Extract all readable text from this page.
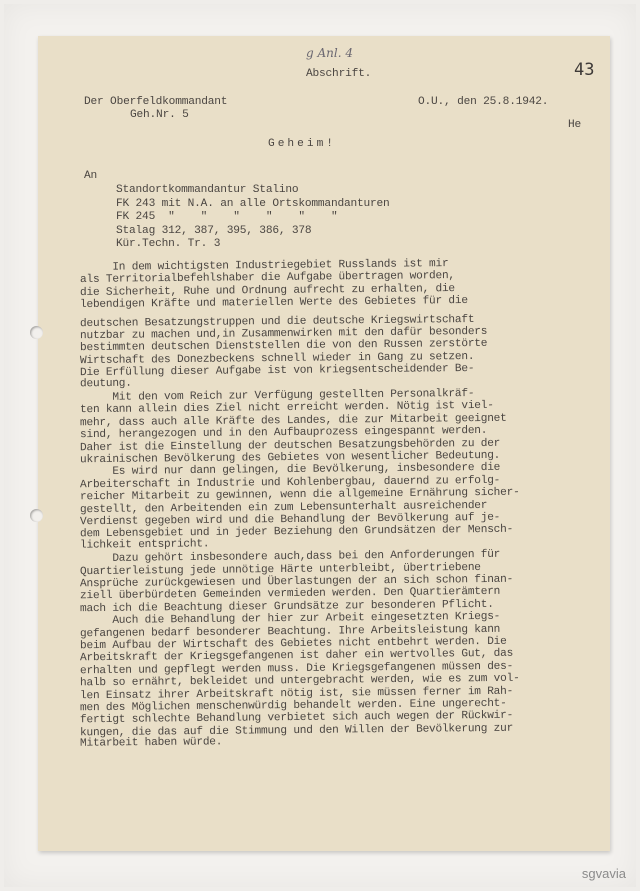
g Anl. 4
43
Abschrift.
Der Oberfeldkommandant
Geh.Nr. 5
O.U., den 25.8.1942.
He
Geheim!
An
Standortkommandantur Stalino
FK 243 mit N.A. an alle Ortskommandanturen
FK 245  "    "    "    "    "    "
Stalag 312, 387, 395, 386, 378
Kür.Techn. Tr. 3
In dem wichtigsten Industriegebiet Russlands ist mir
als Territorialbefehlshaber die Aufgabe übertragen worden,
die Sicherheit, Ruhe und Ordnung aufrecht zu erhalten, die
lebendigen Kräfte und materiellen Werte des Gebietes für die
deutschen Besatzungstruppen und die deutsche Kriegswirtschaft
nutzbar zu machen und,in Zusammenwirken mit den dafür besonders
bestimmten deutschen Dienststellen die von den Russen zerstörte
Wirtschaft des Donezbeckens schnell wieder in Gang zu setzen.
Die Erfüllung dieser Aufgabe ist von kriegsentscheidender Be-
deutung.
Mit den vom Reich zur Verfügung gestellten Personalkräf-
ten kann allein dies Ziel nicht erreicht werden. Nötig ist viel-
mehr, dass auch alle Kräfte des Landes, die zur Mitarbeit geeignet
sind, herangezogen und in den Aufbauprozess eingespannt werden.
Daher ist die Einstellung der deutschen Besatzungsbehörden zu der
ukrainischen Bevölkerung des Gebietes von wesentlicher Bedeutung.
Es wird nur dann gelingen, die Bevölkerung, insbesondere die
Arbeiterschaft in Industrie und Kohlenbergbau, dauernd zu erfolg-
reicher Mitarbeit zu gewinnen, wenn die allgemeine Ernährung sicher-
gestellt, den Arbeitenden ein zum Lebensunterhalt ausreichender
Verdienst gegeben wird und die Behandlung der Bevölkerung auf je-
dem Lebensgebiet und in jeder Beziehung den Grundsätzen der Mensch-
lichkeit entspricht.
Dazu gehört insbesondere auch,dass bei den Anforderungen für
Quartierleistung jede unnötige Härte unterbleibt, übertriebene
Ansprüche zurückgewiesen und Überlastungen der an sich schon finan-
ziell überbürdeten Gemeinden vermieden werden. Den Quartierämtern
mach ich die Beachtung dieser Grundsätze zur besonderen Pflicht.
Auch die Behandlung der hier zur Arbeit eingesetzten Kriegs-
gefangenen bedarf besonderer Beachtung. Ihre Arbeitsleistung kann
beim Aufbau der Wirtschaft des Gebietes nicht entbehrt werden. Die
Arbeitskraft der Kriegsgefangenen ist daher ein wertvolles Gut, das
erhalten und gepflegt werden muss. Die Kriegsgefangenen müssen des-
halb so ernährt, bekleidet und untergebracht werden, wie es zum vol-
len Einsatz ihrer Arbeitskraft nötig ist, sie müssen ferner im Rah-
men des Möglichen menschenwürdig behandelt werden. Eine ungerecht-
fertigt schlechte Behandlung verbietet sich auch wegen der Rückwir-
kungen, die das auf die Stimmung und den Willen der Bevölkerung zur
Mitarbeit haben würde.
sgvavia
